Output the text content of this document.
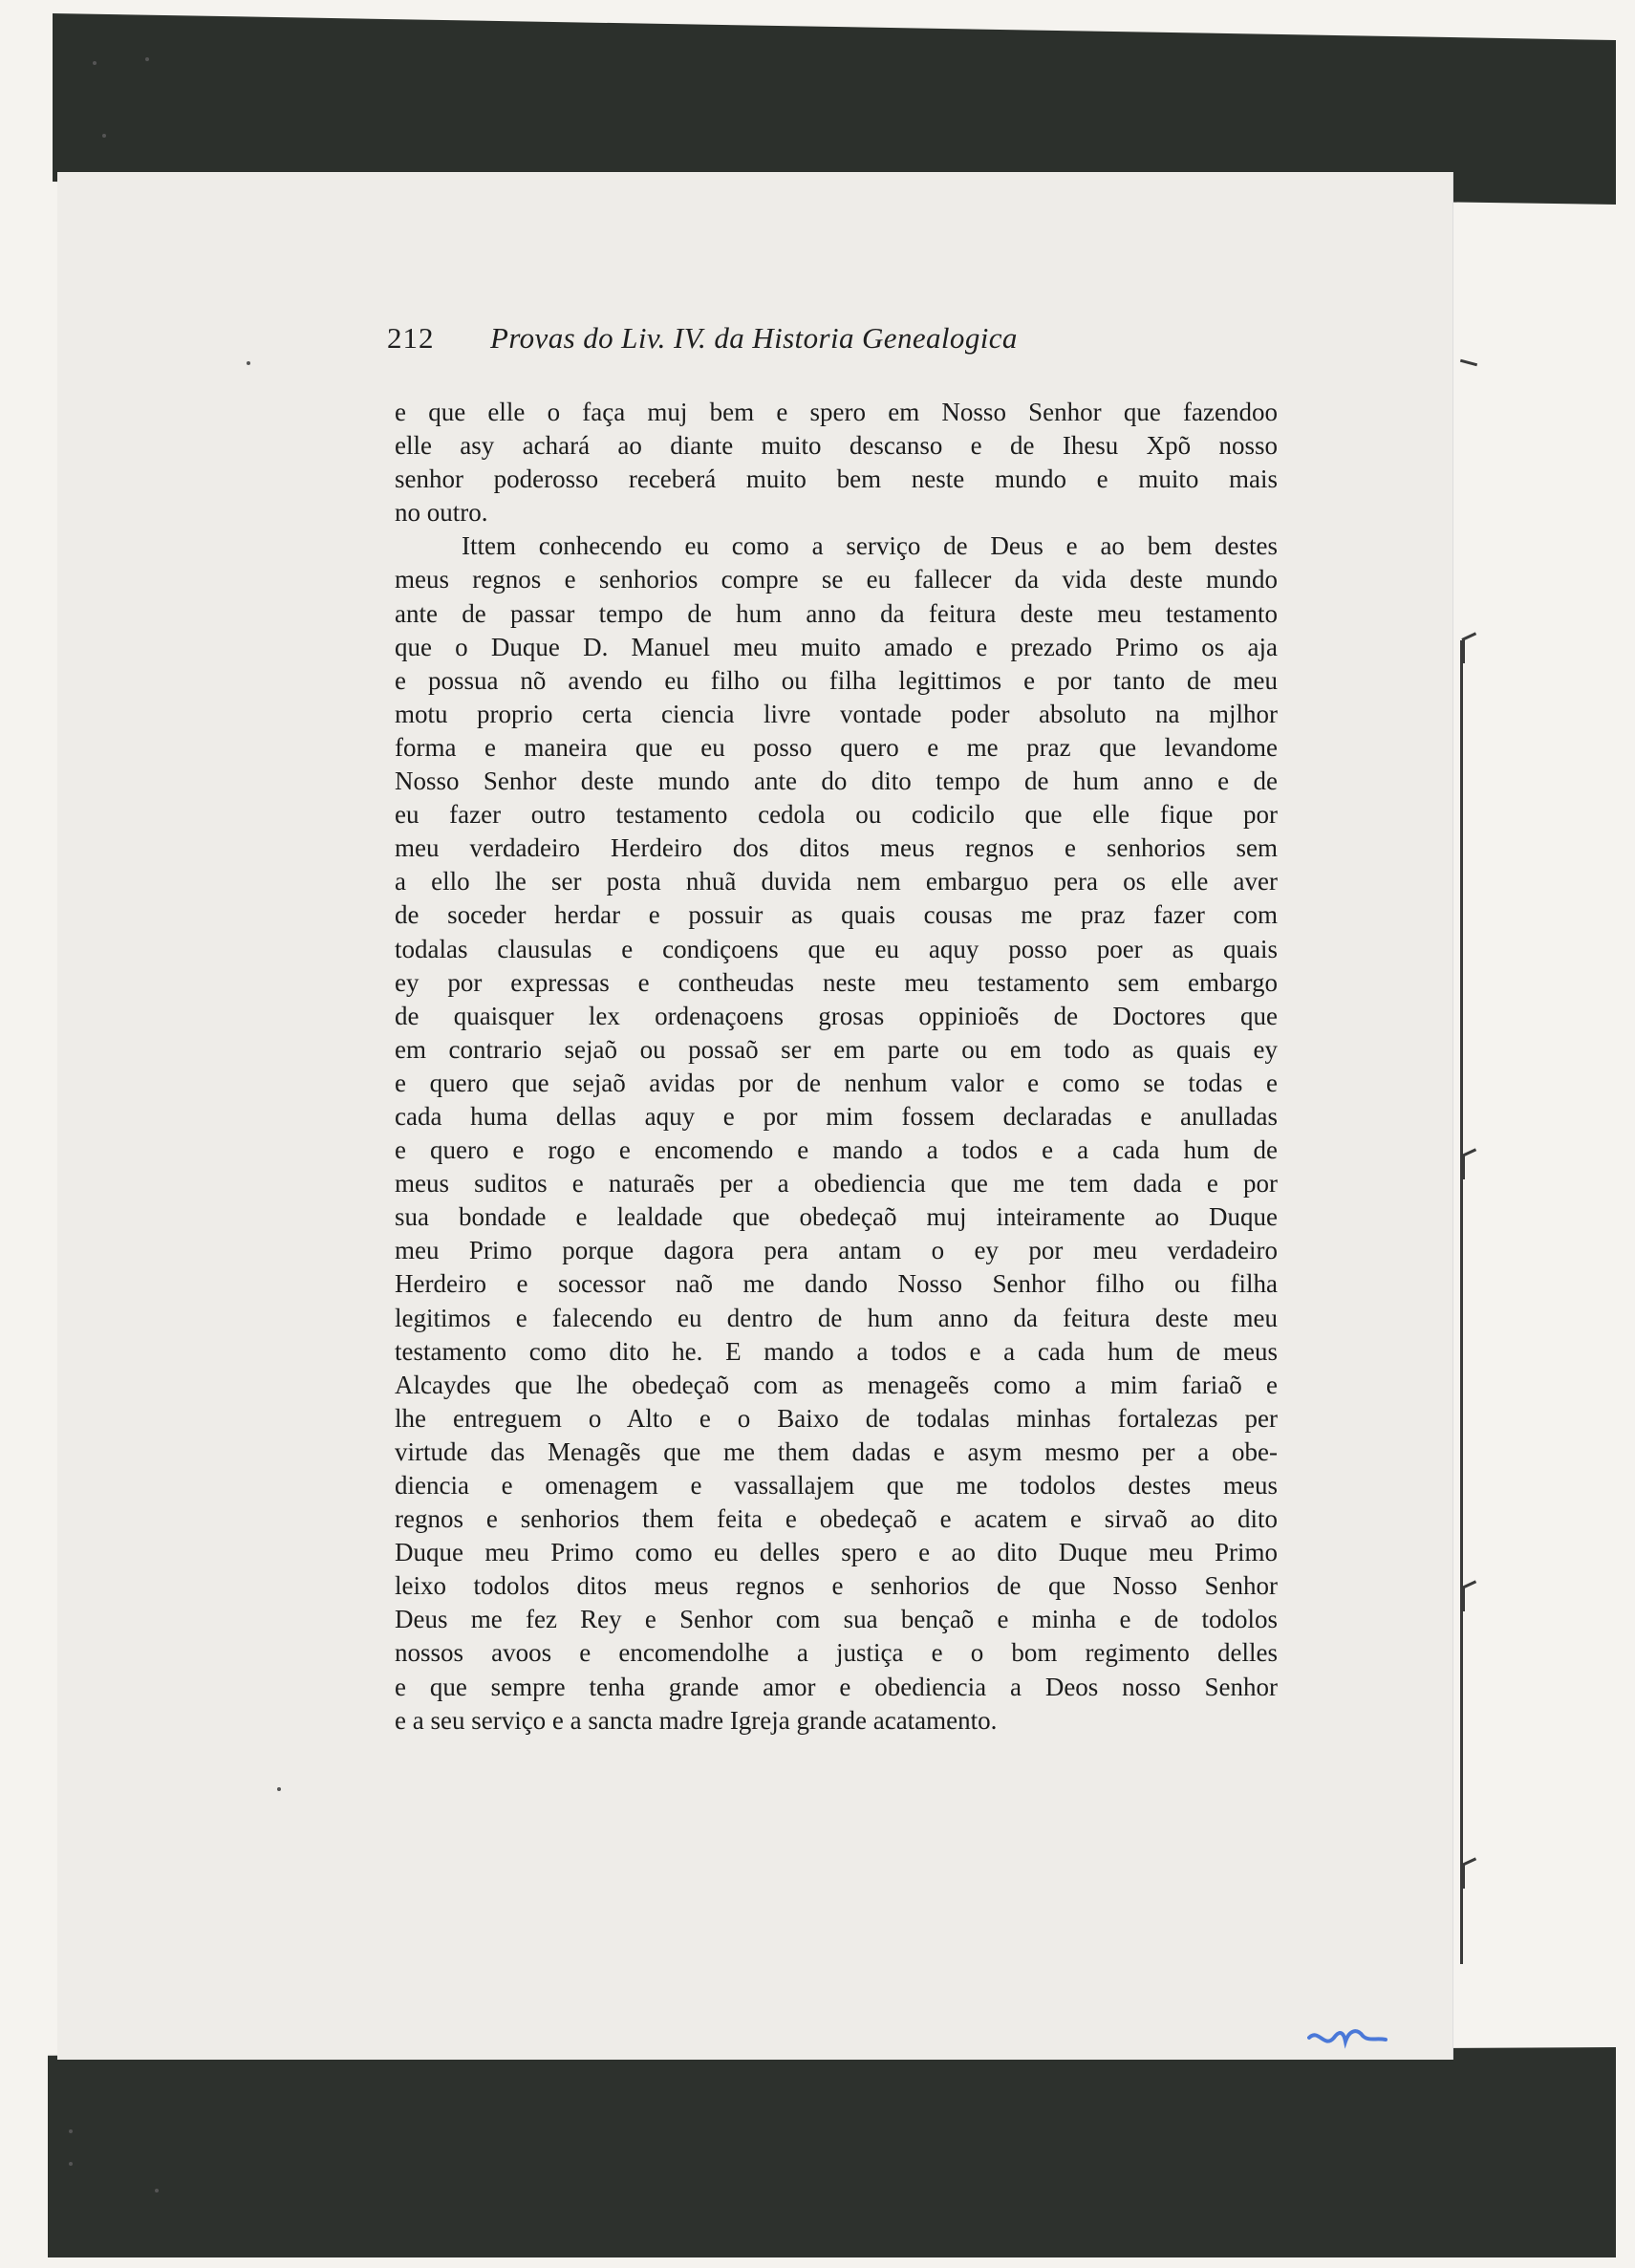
212 Provas do Liv. IV. da Historia Genealogica
e que elle o faça muj bem e spero em Nosso Senhor que fazendoo
elle asy achará ao diante muito descanso e de Ihesu Xpõ nosso
senhor poderosso receberá muito bem neste mundo e muito mais
no outro.
Ittem conhecendo eu como a serviço de Deus e ao bem destes
meus regnos e senhorios compre se eu fallecer da vida deste mundo
ante de passar tempo de hum anno da feitura deste meu testamento
que o Duque D. Manuel meu muito amado e prezado Primo os aja
e possua nõ avendo eu filho ou filha legittimos e por tanto de meu
motu proprio certa ciencia livre vontade poder absoluto na mjlhor
forma e maneira que eu posso quero e me praz que levandome
Nosso Senhor deste mundo ante do dito tempo de hum anno e de
eu fazer outro testamento cedola ou codicilo que elle fique por
meu verdadeiro Herdeiro dos ditos meus regnos e senhorios sem
a ello lhe ser posta nhuã duvida nem embarguo pera os elle aver
de soceder herdar e possuir as quais cousas me praz fazer com
todalas clausulas e condiçoens que eu aquy posso poer as quais
ey por expressas e contheudas neste meu testamento sem embargo
de quaisquer lex ordenaçoens grosas oppinioẽs de Doctores que
em contrario sejaõ ou possaõ ser em parte ou em todo as quais ey
e quero que sejaõ avidas por de nenhum valor e como se todas e
cada huma dellas aquy e por mim fossem declaradas e anulladas
e quero e rogo e encomendo e mando a todos e a cada hum de
meus suditos e naturaẽs per a obediencia que me tem dada e por
sua bondade e lealdade que obedeçaõ muj inteiramente ao Duque
meu Primo porque dagora pera antam o ey por meu verdadeiro
Herdeiro e socessor naõ me dando Nosso Senhor filho ou filha
legitimos e falecendo eu dentro de hum anno da feitura deste meu
testamento como dito he. E mando a todos e a cada hum de meus
Alcaydes que lhe obedeçaõ com as menageẽs como a mim fariaõ e
lhe entreguem o Alto e o Baixo de todalas minhas fortalezas per
virtude das Menagẽs que me them dadas e asym mesmo per a obe-
diencia e omenagem e vassallajem que me todolos destes meus
regnos e senhorios them feita e obedeçaõ e acatem e sirvaõ ao dito
Duque meu Primo como eu delles spero e ao dito Duque meu Primo
leixo todolos ditos meus regnos e senhorios de que Nosso Senhor
Deus me fez Rey e Senhor com sua bençaõ e minha e de todolos
nossos avoos e encomendolhe a justiça e o bom regimento delles
e que sempre tenha grande amor e obediencia a Deos nosso Senhor
e a seu serviço e a sancta madre Igreja grande acatamento.
